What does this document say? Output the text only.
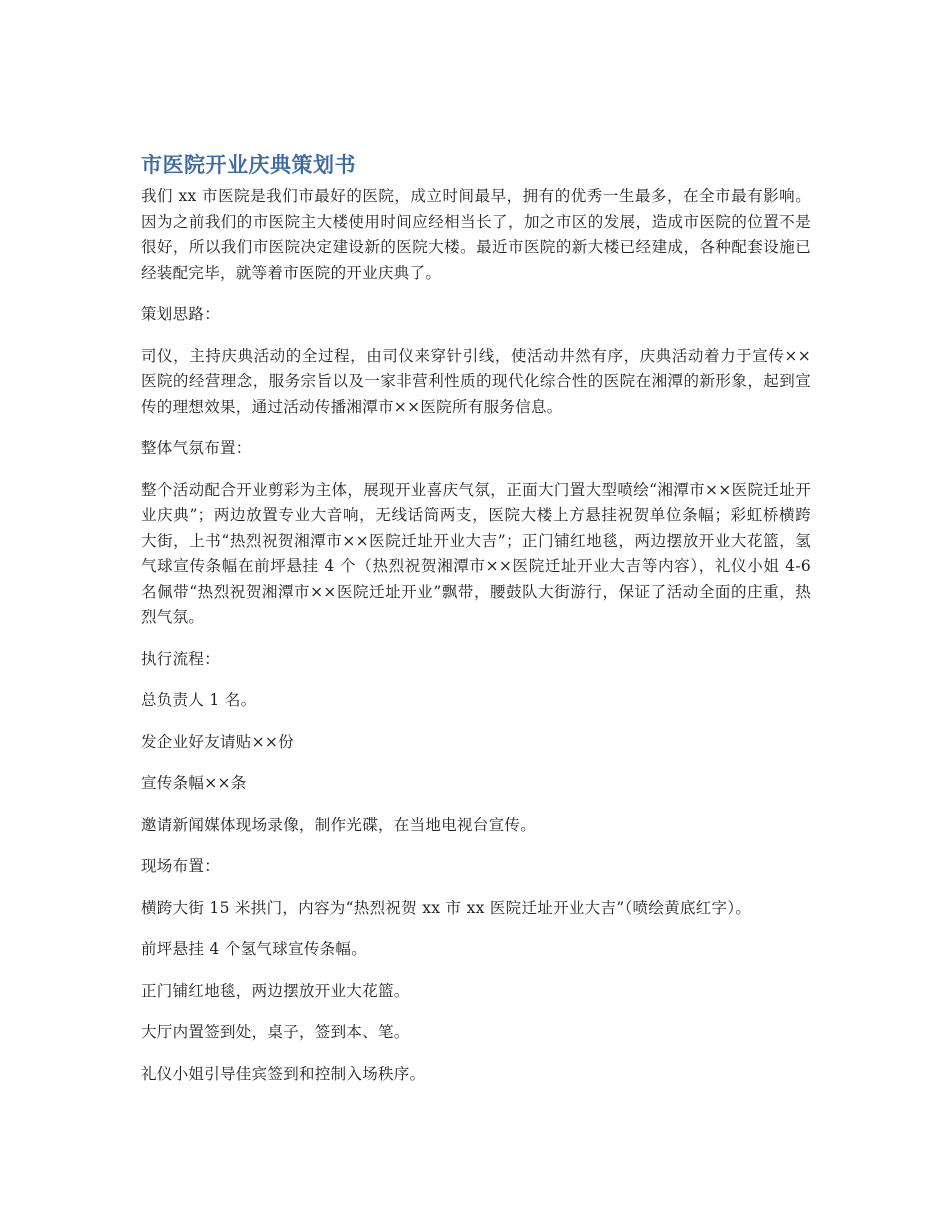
市医院开业庆典策划书

我们 xx 市医院是我们市最好的医院，成立时间最早，拥有的优秀一生最多，在全市最有影响。因为之前我们的市医院主大楼使用时间应经相当长了，加之市区的发展，造成市医院的位置不是很好，所以我们市医院决定建设新的医院大楼。最近市医院的新大楼已经建成，各种配套设施已经装配完毕，就等着市医院的开业庆典了。

策划思路：

司仪，主持庆典活动的全过程，由司仪来穿针引线，使活动井然有序，庆典活动着力于宣传××医院的经营理念，服务宗旨以及一家非营利性质的现代化综合性的医院在湘潭的新形象，起到宣传的理想效果，通过活动传播湘潭市××医院所有服务信息。

整体气氛布置：

整个活动配合开业剪彩为主体，展现开业喜庆气氛，正面大门置大型喷绘“湘潭市××医院迁址开业庆典”；两边放置专业大音响，无线话筒两支，医院大楼上方悬挂祝贺单位条幅；彩虹桥横跨大街，上书“热烈祝贺湘潭市××医院迁址开业大吉”；正门铺红地毯，两边摆放开业大花篮，氢气球宣传条幅在前坪悬挂 4 个（热烈祝贺湘潭市××医院迁址开业大吉等内容），礼仪小姐 4-6 名佩带“热烈祝贺湘潭市××医院迁址开业”飘带，腰鼓队大街游行，保证了活动全面的庄重，热烈气氛。

执行流程：

总负责人 1 名。

发企业好友请贴××份

宣传条幅××条

邀请新闻媒体现场录像，制作光碟，在当地电视台宣传。

现场布置：

横跨大街 15 米拱门，内容为“热烈祝贺 xx 市 xx 医院迁址开业大吉”（喷绘黄底红字）。

前坪悬挂 4 个氢气球宣传条幅。

正门铺红地毯，两边摆放开业大花篮。

大厅内置签到处，桌子，签到本、笔。

礼仪小姐引导佳宾签到和控制入场秩序。
